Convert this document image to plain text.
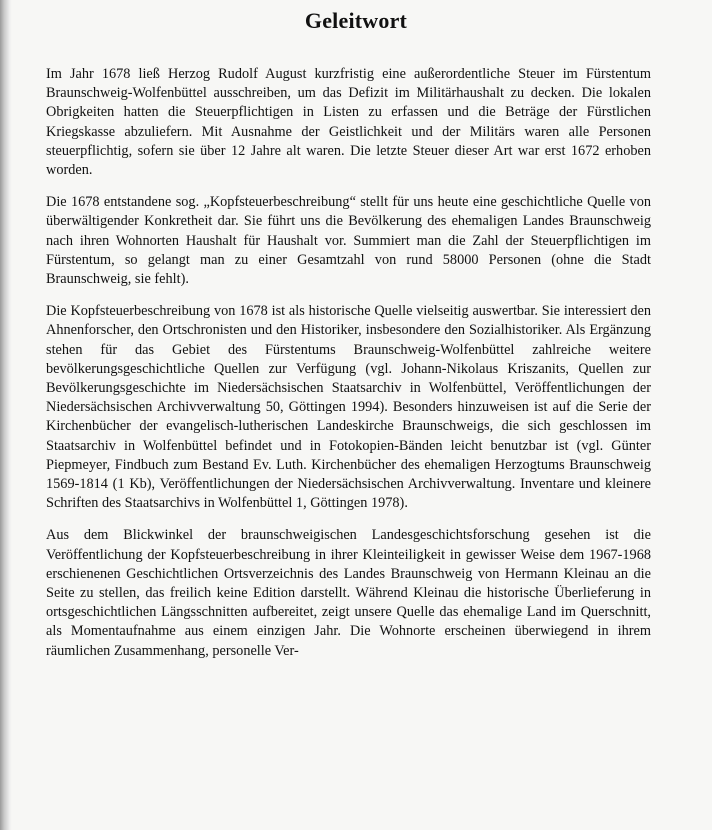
Geleitwort

Im Jahr 1678 ließ Herzog Rudolf August kurzfristig eine außerordentliche Steuer im Fürstentum Braunschweig-Wolfenbüttel ausschreiben, um das Defizit im Militärhaushalt zu decken. Die lokalen Obrigkeiten hatten die Steuerpflichtigen in Listen zu erfassen und die Beträge der Fürstlichen Kriegskasse abzuliefern. Mit Ausnahme der Geistlichkeit und der Militärs waren alle Personen steuerpflichtig, sofern sie über 12 Jahre alt waren. Die letzte Steuer dieser Art war erst 1672 erhoben worden.

Die 1678 entstandene sog. „Kopfsteuerbeschreibung“ stellt für uns heute eine geschichtliche Quelle von überwältigender Konkretheit dar. Sie führt uns die Bevölkerung des ehemaligen Landes Braunschweig nach ihren Wohnorten Haushalt für Haushalt vor. Summiert man die Zahl der Steuerpflichtigen im Fürstentum, so gelangt man zu einer Gesamtzahl von rund 58000 Personen (ohne die Stadt Braunschweig, sie fehlt).

Die Kopfsteuerbeschreibung von 1678 ist als historische Quelle vielseitig auswertbar. Sie interessiert den Ahnenforscher, den Ortschronisten und den Historiker, insbesondere den Sozialhistoriker. Als Ergänzung stehen für das Gebiet des Fürstentums Braunschweig-Wolfenbüttel zahlreiche weitere bevölkerungsgeschichtliche Quellen zur Verfügung (vgl. Johann-Nikolaus Kriszanits, Quellen zur Bevölkerungsgeschichte im Niedersächsischen Staatsarchiv in Wolfenbüttel, Veröffentlichungen der Niedersächsischen Archivverwaltung 50, Göttingen 1994). Besonders hinzuweisen ist auf die Serie der Kirchenbücher der evangelisch-lutherischen Landeskirche Braunschweigs, die sich geschlossen im Staatsarchiv in Wolfenbüttel befindet und in Fotokopien-Bänden leicht benutzbar ist (vgl. Günter Piepmeyer, Findbuch zum Bestand Ev. Luth. Kirchenbücher des ehemaligen Herzogtums Braunschweig 1569-1814 (1 Kb), Veröffentlichungen der Niedersächsischen Archivverwaltung. Inventare und kleinere Schriften des Staatsarchivs in Wolfenbüttel 1, Göttingen 1978).

Aus dem Blickwinkel der braunschweigischen Landesgeschichtsforschung gesehen ist die Veröffentlichung der Kopfsteuerbeschreibung in ihrer Kleinteiligkeit in gewisser Weise dem 1967-1968 erschienenen Geschichtlichen Ortsverzeichnis des Landes Braunschweig von Hermann Kleinau an die Seite zu stellen, das freilich keine Edition darstellt. Während Kleinau die historische Überlieferung in ortsgeschichtlichen Längsschnitten aufbereitet, zeigt unsere Quelle das ehemalige Land im Querschnitt, als Momentaufnahme aus einem einzigen Jahr. Die Wohnorte erscheinen überwiegend in ihrem räumlichen Zusammenhang, personelle Ver-
